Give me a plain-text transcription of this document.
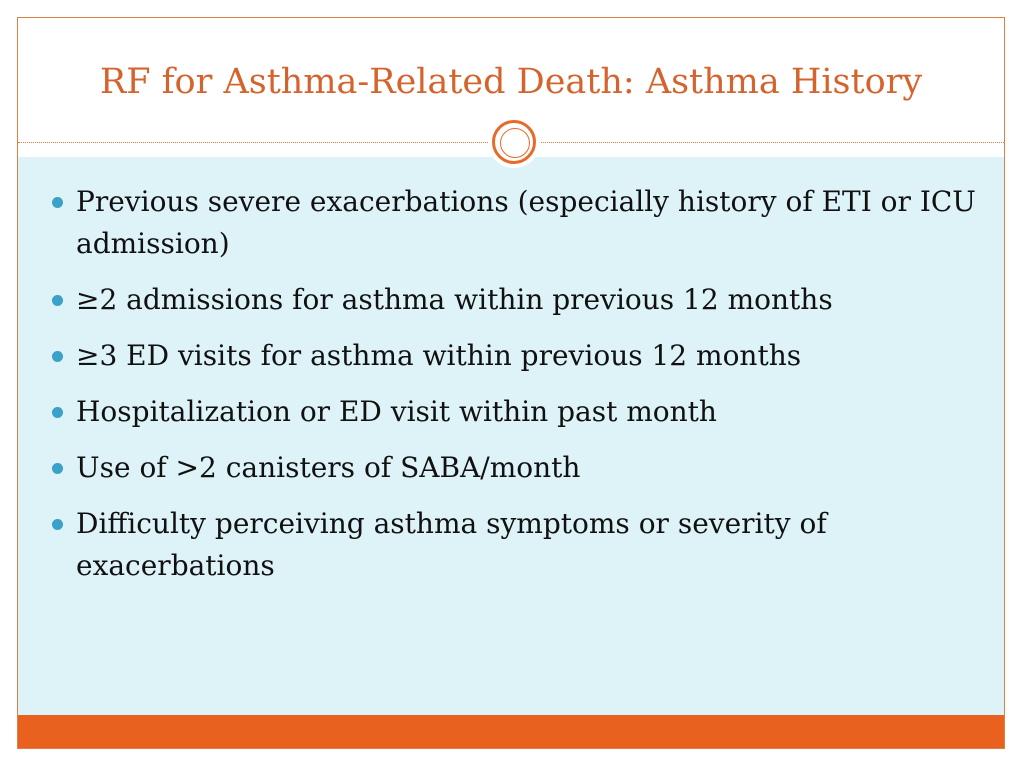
RF for Asthma-Related Death: Asthma History
Previous severe exacerbations (especially history of ETI or ICU admission)
≥2 admissions for asthma within previous 12 months
≥3 ED visits for asthma within previous 12 months
Hospitalization or ED visit within past month
Use of >2 canisters of SABA/month
Difficulty perceiving asthma symptoms or severity of exacerbations
